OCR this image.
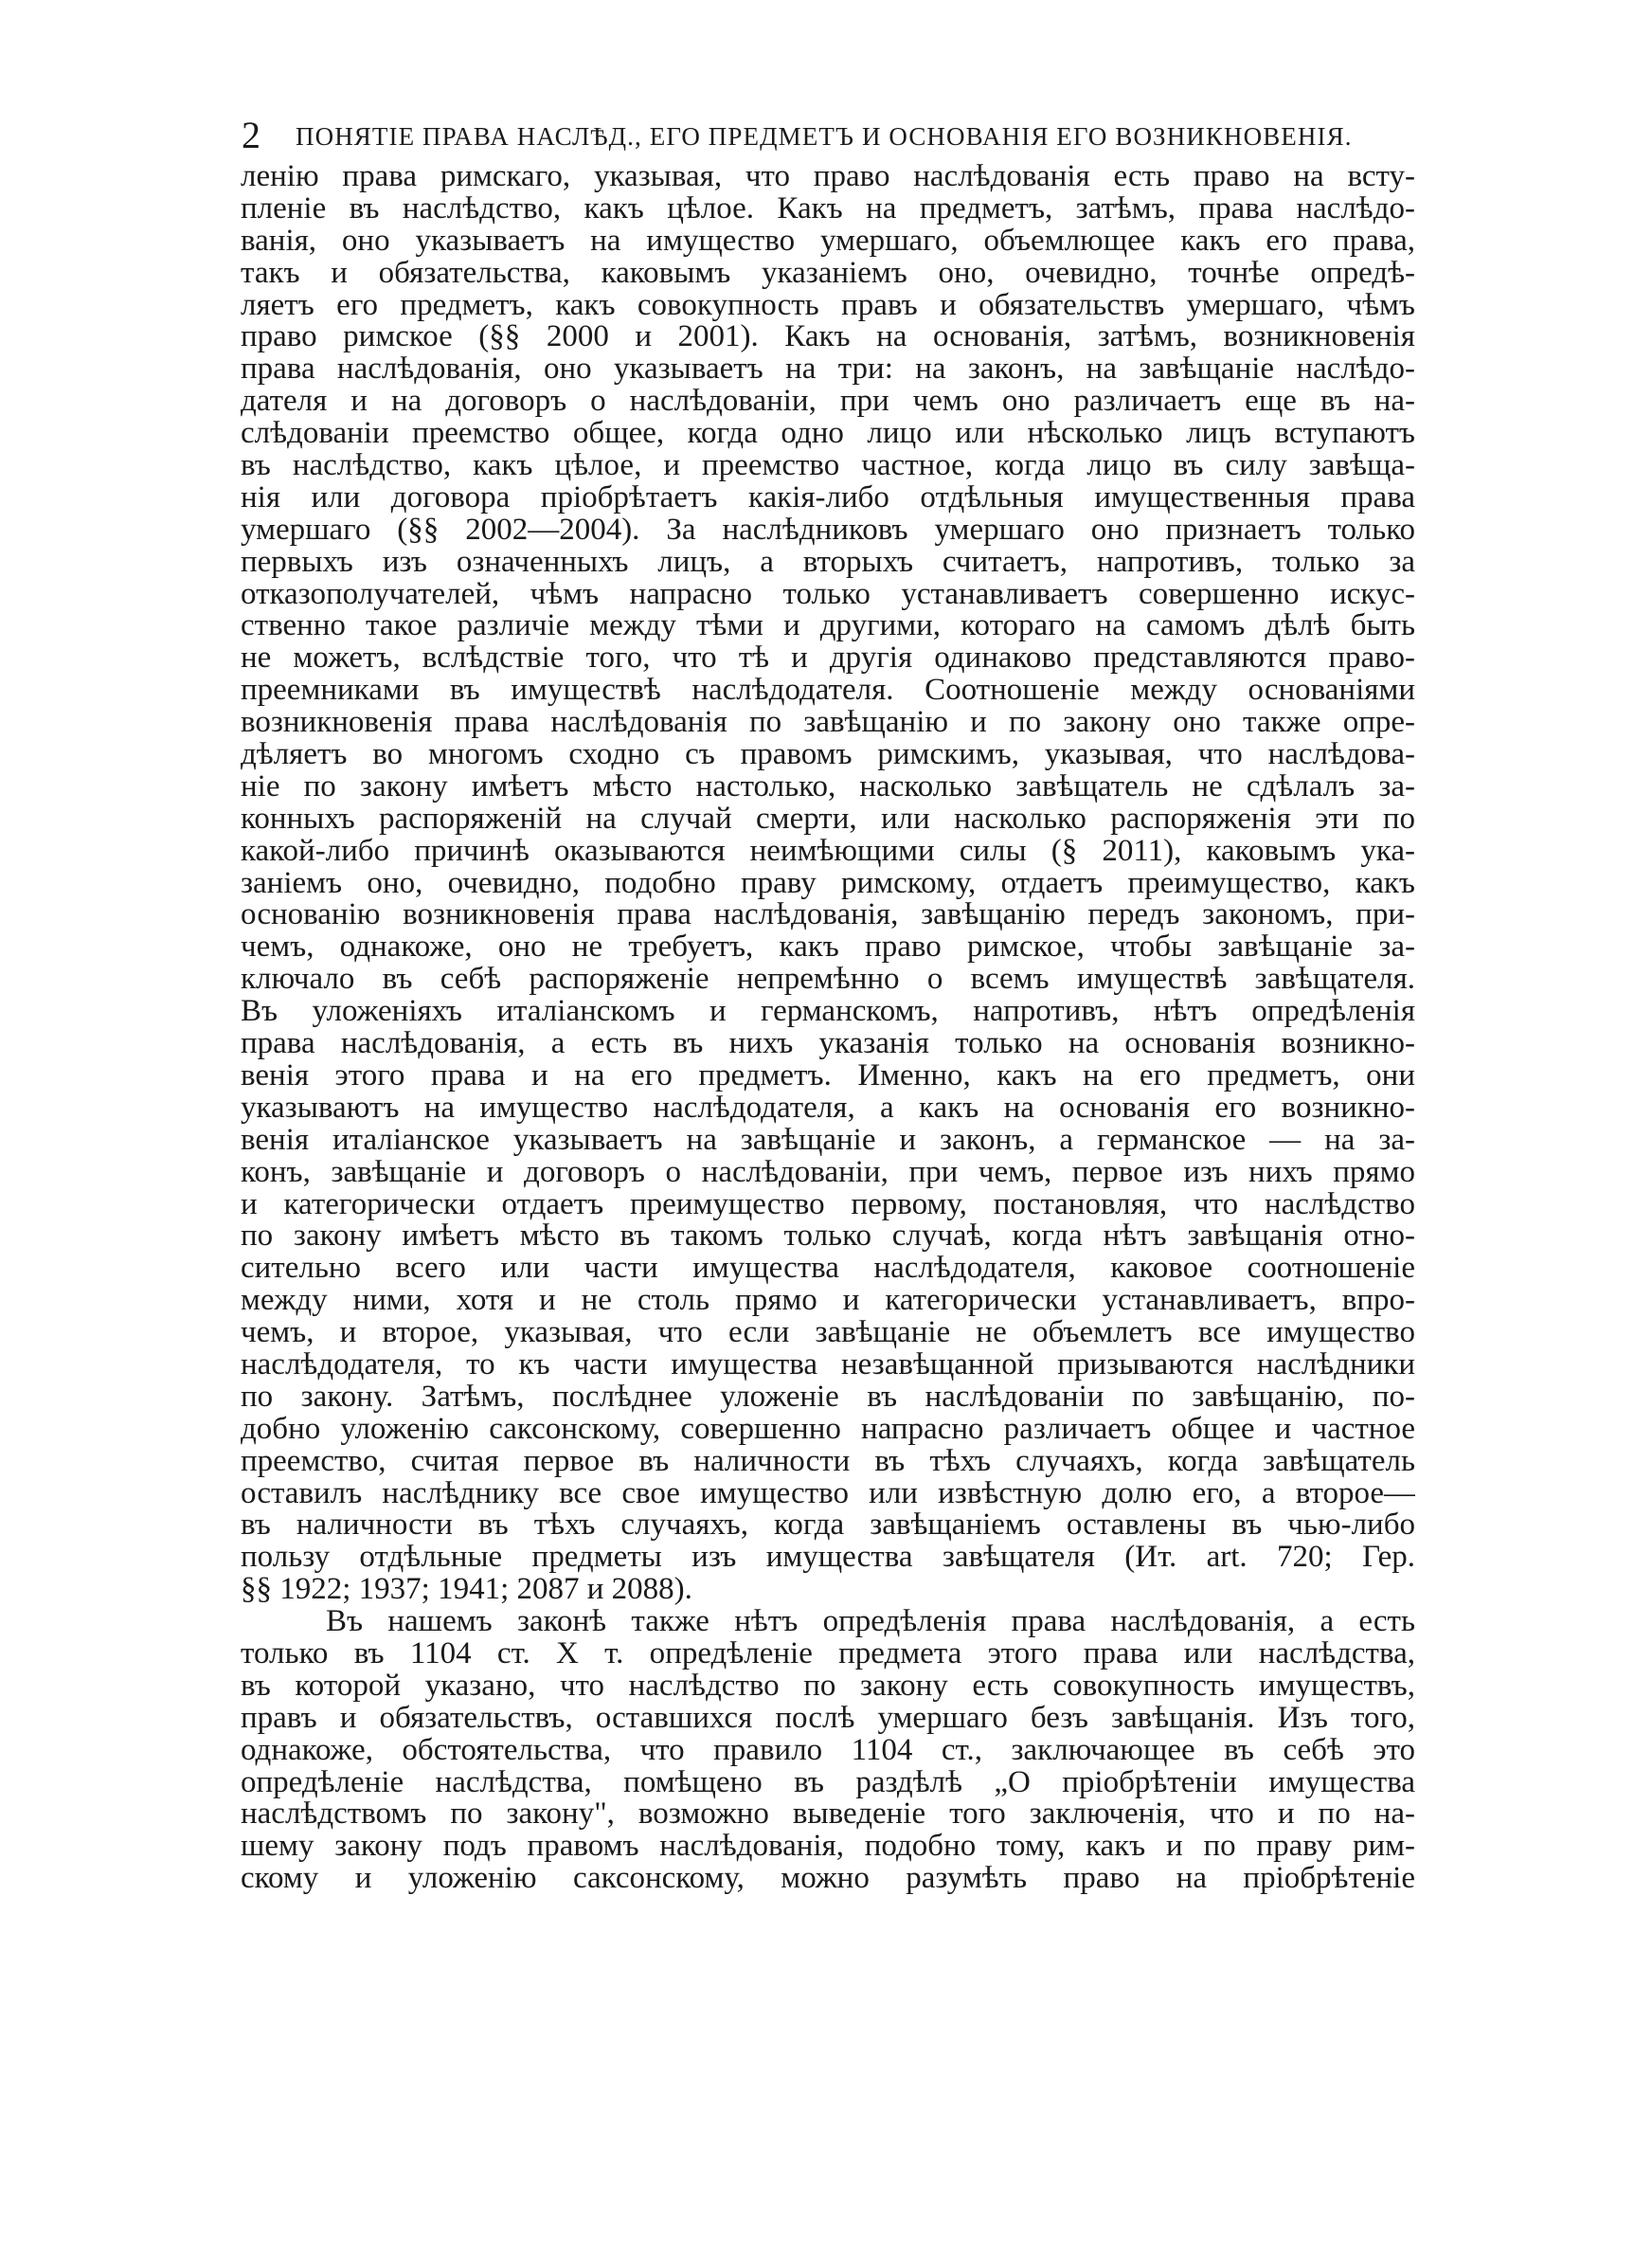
2 ПОНЯТІЕ ПРАВА НАСЛѢД., ЕГО ПРЕДМЕТЪ И ОСНОВАНІЯ ЕГО ВОЗНИКНОВЕНІЯ.
ленію права римскаго, указывая, что право наслѣдованія есть право на всту-
пленіе въ наслѣдство, какъ цѣлое. Какъ на предметъ, затѣмъ, права наслѣдо-
ванія, оно указываетъ на имущество умершаго, объемлющее какъ его права,
такъ и обязательства, каковымъ указаніемъ оно, очевидно, точнѣе опредѣ-
ляетъ его предметъ, какъ совокупность правъ и обязательствъ умершаго, чѣмъ
право римское (§§ 2000 и 2001). Какъ на основанія, затѣмъ, возникновенія
права наслѣдованія, оно указываетъ на три: на законъ, на завѣщаніе наслѣдо-
дателя и на договоръ о наслѣдованіи, при чемъ оно различаетъ еще въ на-
слѣдованіи преемство общее, когда одно лицо или нѣсколько лицъ вступаютъ
въ наслѣдство, какъ цѣлое, и преемство частное, когда лицо въ силу завѣща-
нія или договора пріобрѣтаетъ какія-либо отдѣльныя имущественныя права
умершаго (§§ 2002—2004). За наслѣдниковъ умершаго оно признаетъ только
первыхъ изъ означенныхъ лицъ, а вторыхъ считаетъ, напротивъ, только за
отказополучателей, чѣмъ напрасно только устанавливаетъ совершенно искус-
ственно такое различіе между тѣми и другими, котораго на самомъ дѣлѣ быть
не можетъ, вслѣдствіе того, что тѣ и другія одинаково представляются право-
преемниками въ имуществѣ наслѣдодателя. Соотношеніе между основаніями
возникновенія права наслѣдованія по завѣщанію и по закону оно также опре-
дѣляетъ во многомъ сходно съ правомъ римскимъ, указывая, что наслѣдова-
ніе по закону имѣетъ мѣсто настолько, насколько завѣщатель не сдѣлалъ за-
конныхъ распоряженій на случай смерти, или насколько распоряженія эти по
какой-либо причинѣ оказываются неимѣющими силы (§ 2011), каковымъ ука-
заніемъ оно, очевидно, подобно праву римскому, отдаетъ преимущество, какъ
основанію возникновенія права наслѣдованія, завѣщанію передъ закономъ, при-
чемъ, однакоже, оно не требуетъ, какъ право римское, чтобы завѣщаніе за-
ключало въ себѣ распоряженіе непремѣнно о всемъ имуществѣ завѣщателя.
Въ уложеніяхъ италіанскомъ и германскомъ, напротивъ, нѣтъ опредѣленія
права наслѣдованія, а есть въ нихъ указанія только на основанія возникно-
венія этого права и на его предметъ. Именно, какъ на его предметъ, они
указываютъ на имущество наслѣдодателя, а какъ на основанія его возникно-
венія италіанское указываетъ на завѣщаніе и законъ, а германское — на за-
конъ, завѣщаніе и договоръ о наслѣдованіи, при чемъ, первое изъ нихъ прямо
и категорически отдаетъ преимущество первому, постановляя, что наслѣдство
по закону имѣетъ мѣсто въ такомъ только случаѣ, когда нѣтъ завѣщанія отно-
сительно всего или части имущества наслѣдодателя, каковое соотношеніе
между ними, хотя и не столь прямо и категорически устанавливаетъ, впро-
чемъ, и второе, указывая, что если завѣщаніе не объемлетъ все имущество
наслѣдодателя, то къ части имущества незавѣщанной призываются наслѣдники
по закону. Затѣмъ, послѣднее уложеніе въ наслѣдованіи по завѣщанію, по-
добно уложенію саксонскому, совершенно напрасно различаетъ общее и частное
преемство, считая первое въ наличности въ тѣхъ случаяхъ, когда завѣщатель
оставилъ наслѣднику все свое имущество или извѣстную долю его, а второе—
въ наличности въ тѣхъ случаяхъ, когда завѣщаніемъ оставлены въ чью-либо
пользу отдѣльные предметы изъ имущества завѣщателя (Ит. art. 720; Гер.
§§ 1922; 1937; 1941; 2087 и 2088).
Въ нашемъ законѣ также нѣтъ опредѣленія права наслѣдованія, а есть
только въ 1104 ст. X т. опредѣленіе предмета этого права или наслѣдства,
въ которой указано, что наслѣдство по закону есть совокупность имуществъ,
правъ и обязательствъ, оставшихся послѣ умершаго безъ завѣщанія. Изъ того,
однакоже, обстоятельства, что правило 1104 ст., заключающее въ себѣ это
опредѣленіе наслѣдства, помѣщено въ раздѣлѣ „О пріобрѣтеніи имущества
наслѣдствомъ по закону", возможно выведеніе того заключенія, что и по на-
шему закону подъ правомъ наслѣдованія, подобно тому, какъ и по праву рим-
скому и уложенію саксонскому, можно разумѣть право на пріобрѣтеніе
